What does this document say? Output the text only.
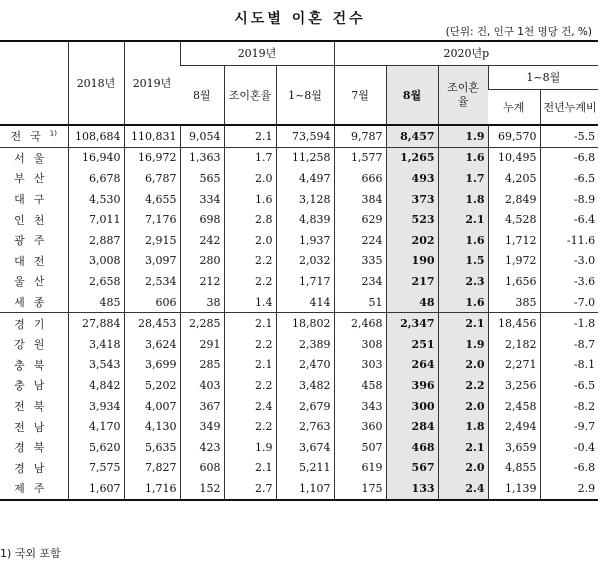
시도별 이혼 건수
(단위: 건, 인구 1천 명당 건, %)
	2018년	2019년	2019년			2020년p				
			8월	조이혼율	1~8월	7월	8월	조이혼율	1~8월	
									누계	전년누계비
전국$^{1)}$	108,684	110,831	9,054	2.1	73,594	9,787	8,457	1.9	69,570	-5.5
서울	16,940	16,972	1,363	1.7	11,258	1,577	1,265	1.6	10,495	-6.8
부산	6,678	6,787	565	2.0	4,497	666	493	1.7	4,205	-6.5
대구	4,530	4,655	334	1.6	3,128	384	373	1.8	2,849	-8.9
인천	7,011	7,176	698	2.8	4,839	629	523	2.1	4,528	-6.4
광주	2,887	2,915	242	2.0	1,937	224	202	1.6	1,712	-11.6
대전	3,008	3,097	280	2.2	2,032	335	190	1.5	1,972	-3.0
울산	2,658	2,534	212	2.2	1,717	234	217	2.3	1,656	-3.6
세종	485	606	38	1.4	414	51	48	1.6	385	-7.0
경기	27,884	28,453	2,285	2.1	18,802	2,468	2,347	2.1	18,456	-1.8
강원	3,418	3,624	291	2.2	2,389	308	251	1.9	2,182	-8.7
충북	3,543	3,699	285	2.1	2,470	303	264	2.0	2,271	-8.1
충남	4,842	5,202	403	2.2	3,482	458	396	2.2	3,256	-6.5
전북	3,934	4,007	367	2.4	2,679	343	300	2.0	2,458	-8.2
전남	4,170	4,130	349	2.2	2,763	360	284	1.8	2,494	-9.7
경북	5,620	5,635	423	1.9	3,674	507	468	2.1	3,659	-0.4
경남	7,575	7,827	608	2.1	5,211	619	567	2.0	4,855	-6.8
제주	1,607	1,716	152	2.7	1,107	175	133	2.4	1,139	2.9
1) 국외 포함
